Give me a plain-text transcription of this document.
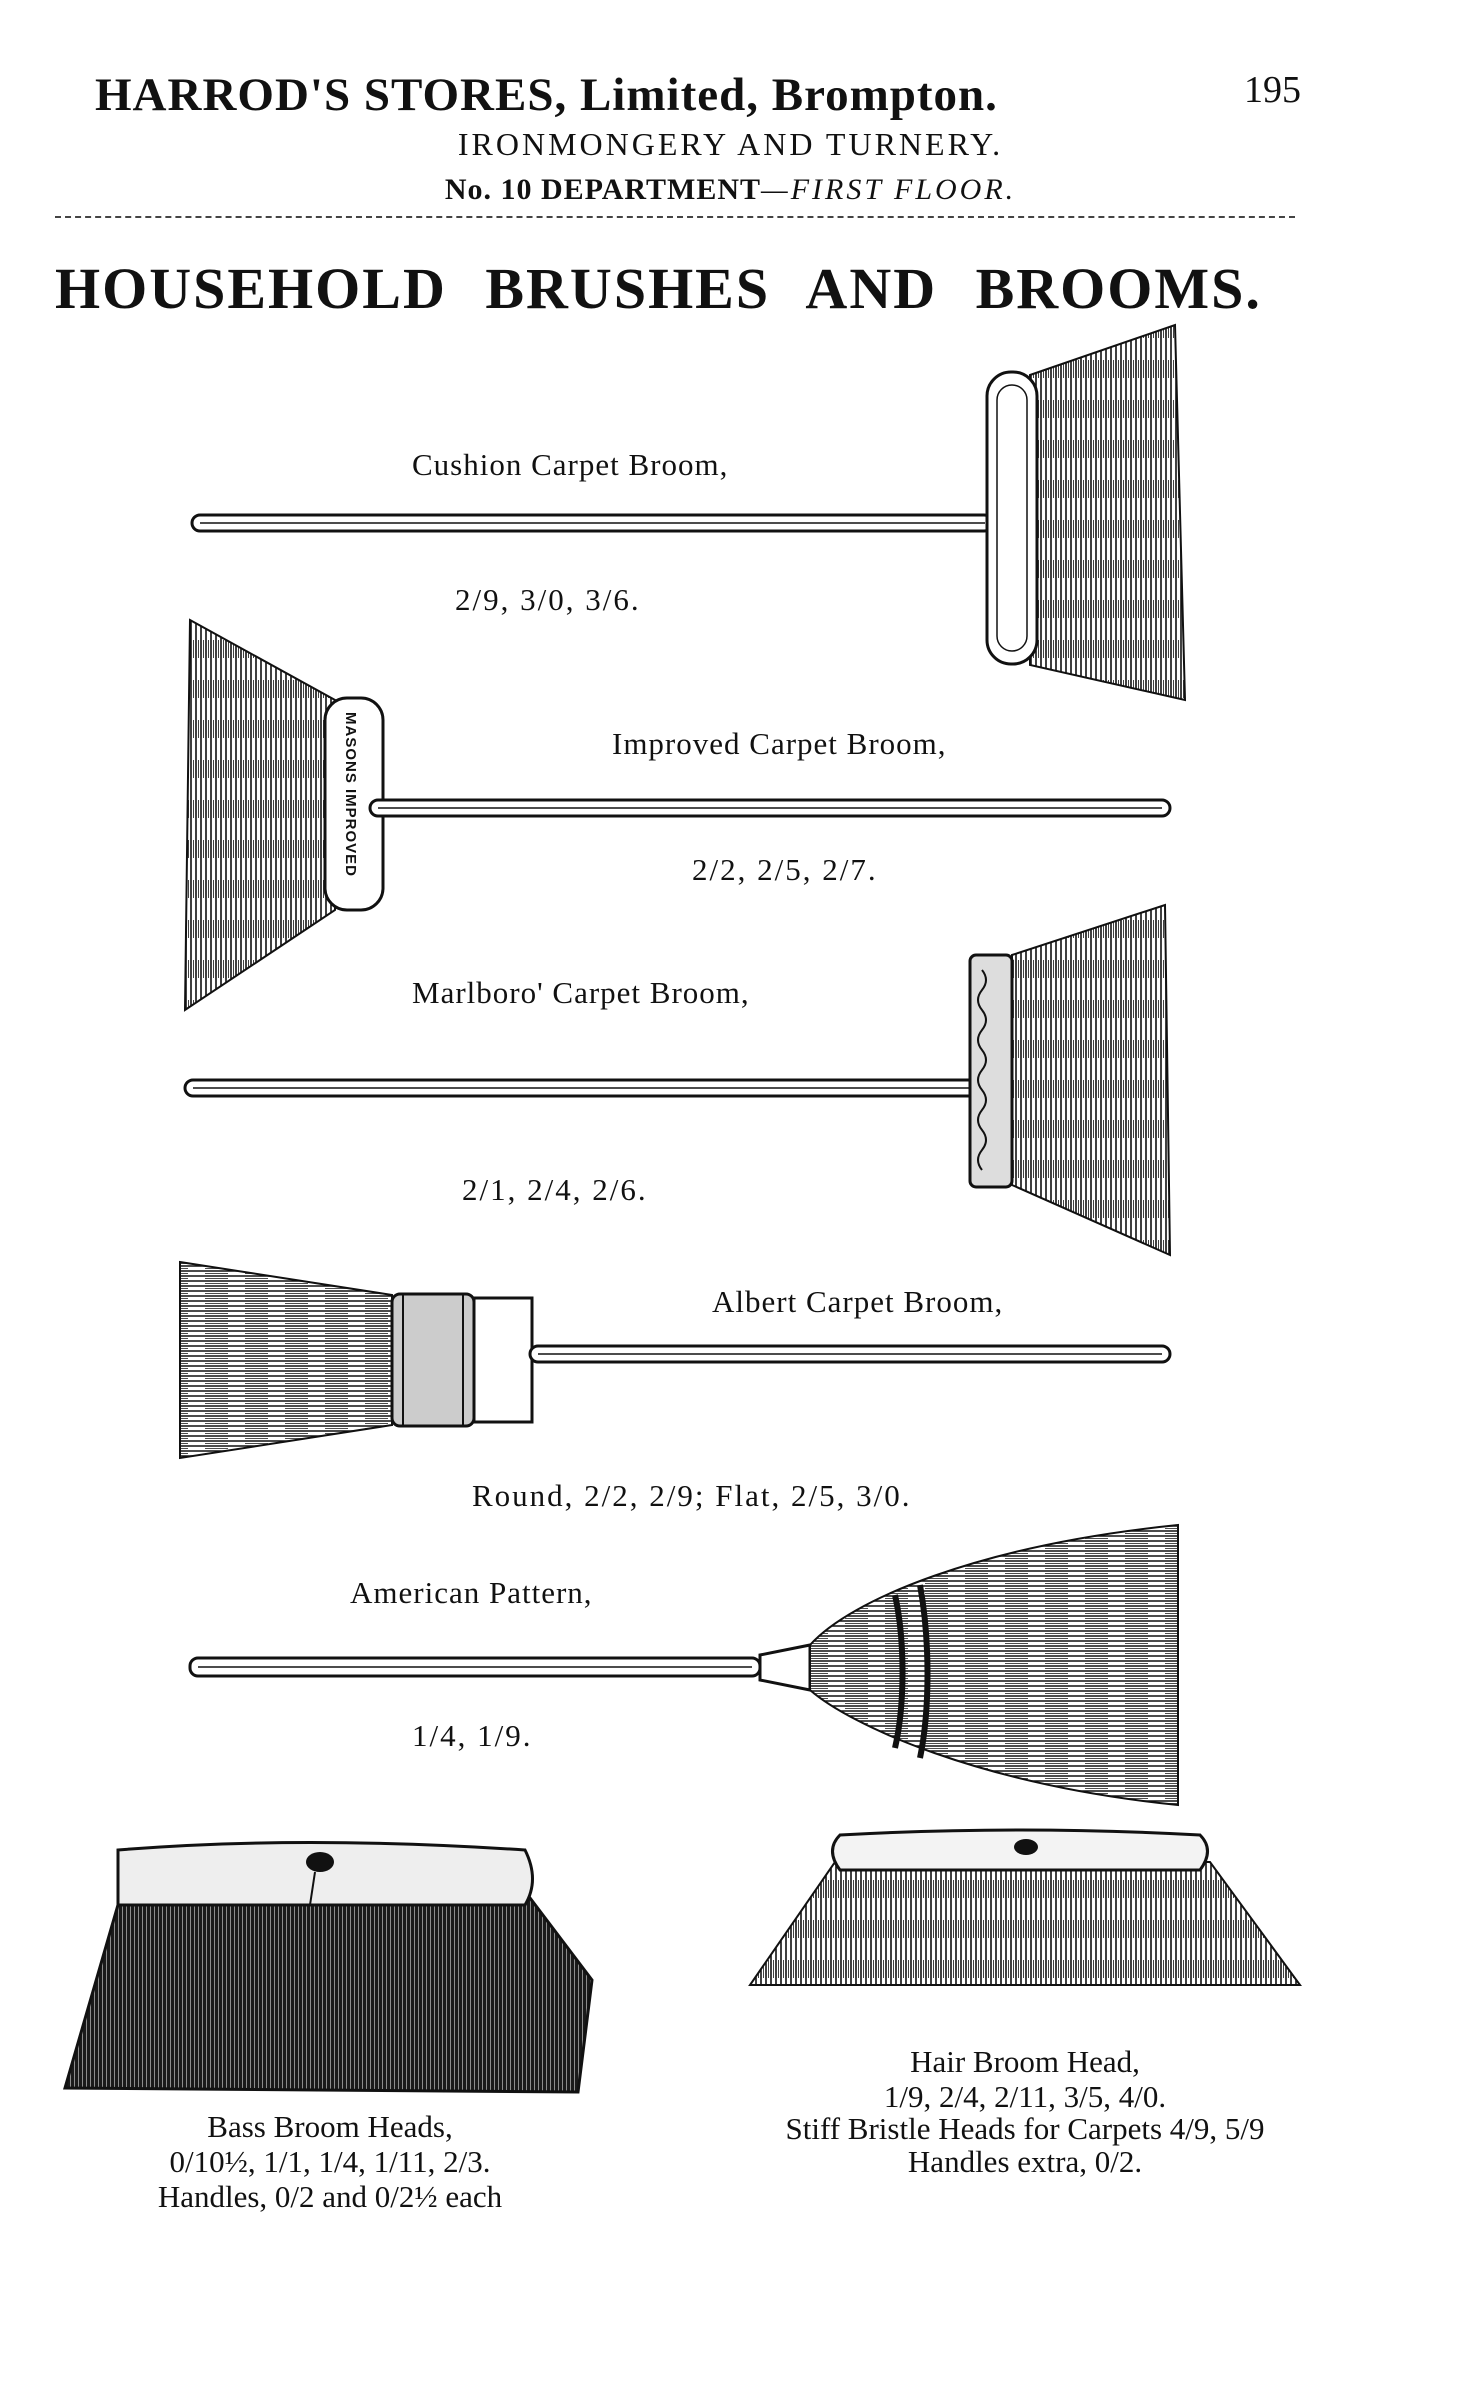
HARROD'S STORES, Limited, Brompton.	195
IRONMONGERY AND TURNERY.
No. 10 DEPARTMENT—FIRST FLOOR.
HOUSEHOLD BRUSHES AND BROOMS.
Cushion Carpet Broom,
2/9, 3/0, 3/6.
MASONS IMPROVED	Improved Carpet Broom,
2/2, 2/5, 2/7.
Marlboro' Carpet Broom,
2/1, 2/4, 2/6.
Albert Carpet Broom,
Round, 2/2, 2/9; Flat, 2/5, 3/0.
American Pattern,
1/4, 1/9.
Bass Broom Heads,
0/10½, 1/1, 1/4, 1/11, 2/3.
Handles, 0/2 and 0/2½ each
Hair Broom Head,
1/9, 2/4, 2/11, 3/5, 4/0.
Stiff Bristle Heads for Carpets 4/9, 5/9
Handles extra, 0/2.
